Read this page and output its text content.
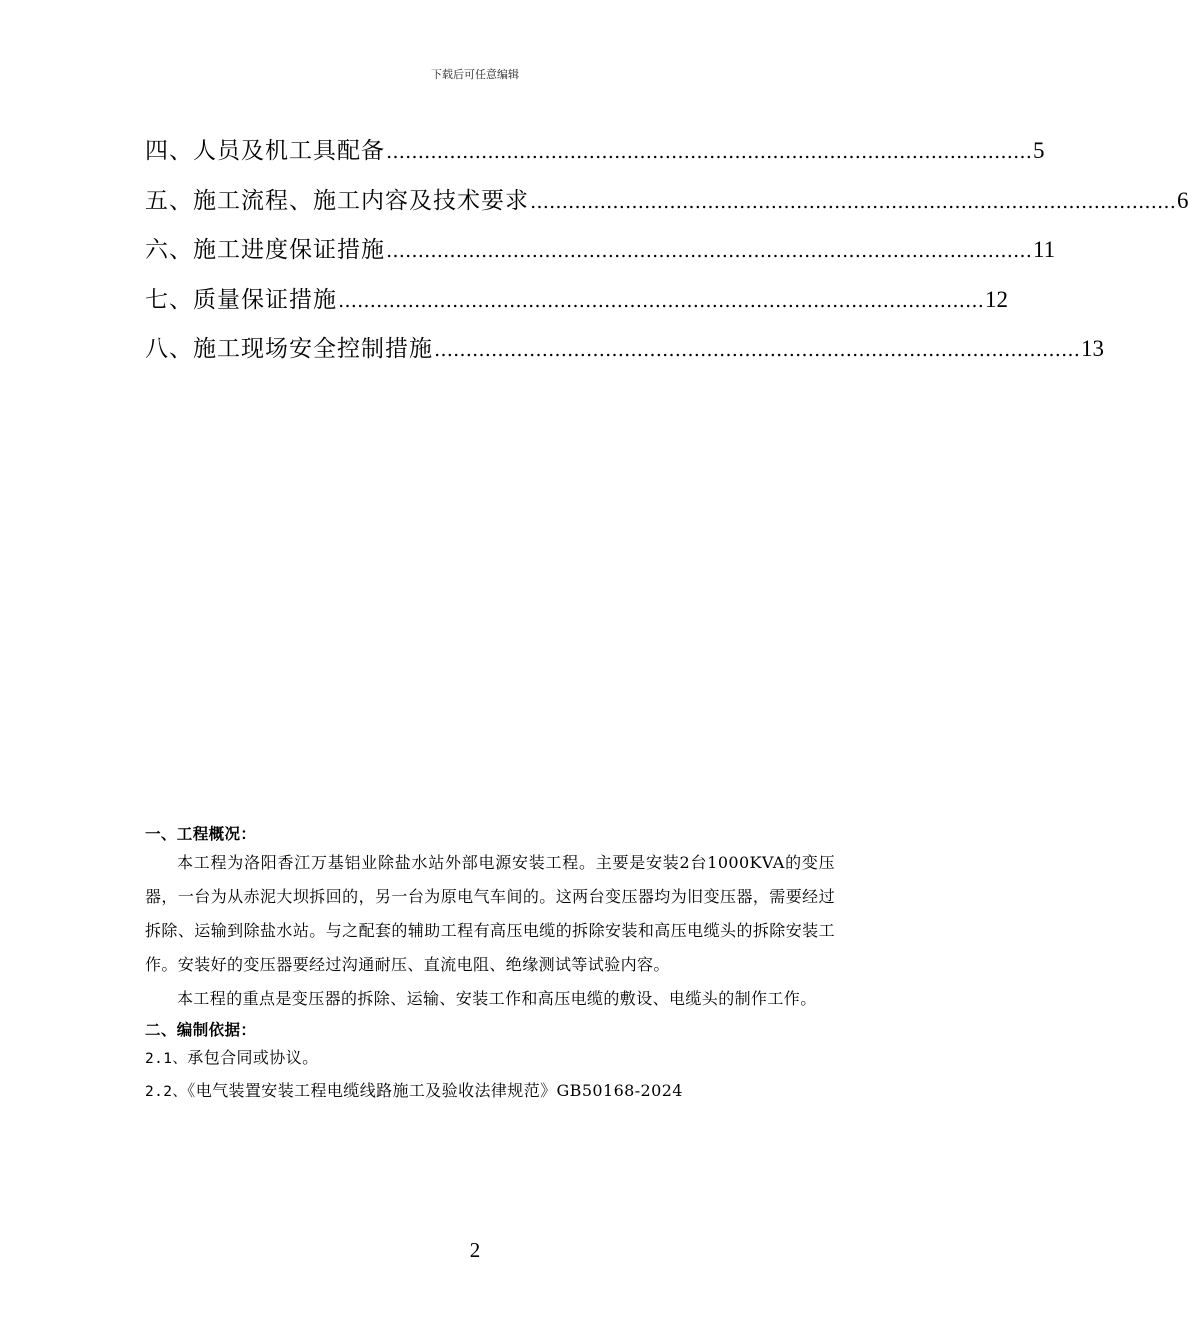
下载后可任意编辑
四、人员及机工具配备 ………………………………………………………………………………………… 5
五、施工流程、施工内容及技术要求 ………………………………………………………………………………………… 6
六、施工进度保证措施 ………………………………………………………………………………………… 11
七、质量保证措施 ………………………………………………………………………………………… 12
八、施工现场安全控制措施 ………………………………………………………………………………………… 13
一、工程概况：

本工程为洛阳香江万基铝业除盐水站外部电源安装工程。主要是安装2台1000KVA的变压器，一台为从赤泥大坝拆回的，另一台为原电气车间的。这两台变压器均为旧变压器，需要经过拆除、运输到除盐水站。与之配套的辅助工程有高压电缆的拆除安装和高压电缆头的拆除安装工作。安装好的变压器要经过沟通耐压、直流电阻、绝缘测试等试验内容。

本工程的重点是变压器的拆除、运输、安装工作和高压电缆的敷设、电缆头的制作工作。

二、编制依据：

2.1、承包合同或协议。

2.2、《电气装置安装工程电缆线路施工及验收法律规范》GB50168-2024

2
